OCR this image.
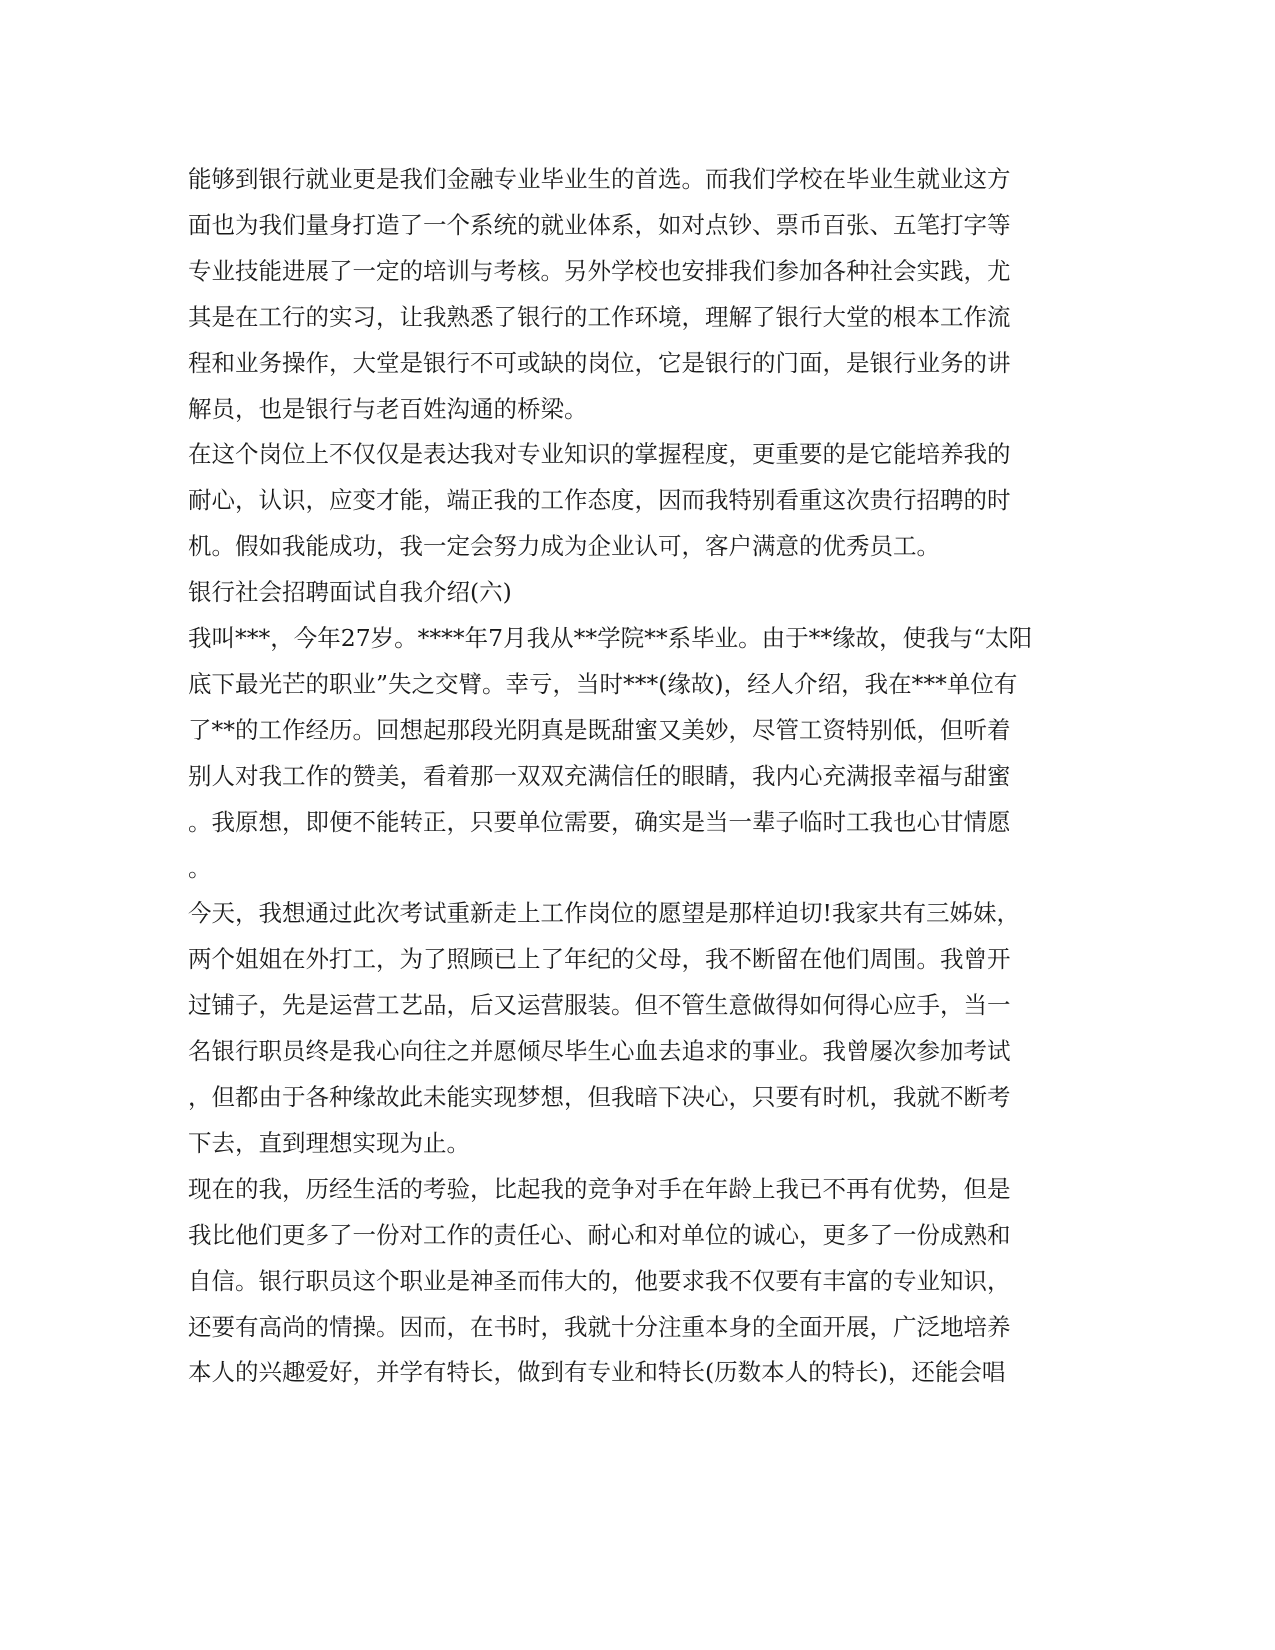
能够到银行就业更是我们金融专业毕业生的首选。而我们学校在毕业生就业这方
面也为我们量身打造了一个系统的就业体系，如对点钞、票币百张、五笔打字等
专业技能进展了一定的培训与考核。另外学校也安排我们参加各种社会实践，尤
其是在工行的实习，让我熟悉了银行的工作环境，理解了银行大堂的根本工作流
程和业务操作，大堂是银行不可或缺的岗位，它是银行的门面，是银行业务的讲
解员，也是银行与老百姓沟通的桥梁。
在这个岗位上不仅仅是表达我对专业知识的掌握程度，更重要的是它能培养我的
耐心，认识，应变才能，端正我的工作态度，因而我特别看重这次贵行招聘的时
机。假如我能成功，我一定会努力成为企业认可，客户满意的优秀员工。
银行社会招聘面试自我介绍(六)
我叫***，今年27岁。****年7月我从**学院**系毕业。由于**缘故，使我与“太阳
底下最光芒的职业”失之交臂。幸亏，当时***(缘故)，经人介绍，我在***单位有
了**的工作经历。回想起那段光阴真是既甜蜜又美妙，尽管工资特别低，但听着
别人对我工作的赞美，看着那一双双充满信任的眼睛，我内心充满报幸福与甜蜜
。我原想，即便不能转正，只要单位需要，确实是当一辈子临时工我也心甘情愿
。
今天，我想通过此次考试重新走上工作岗位的愿望是那样迫切!我家共有三姊妹，
两个姐姐在外打工，为了照顾已上了年纪的父母，我不断留在他们周围。我曾开
过铺子，先是运营工艺品，后又运营服装。但不管生意做得如何得心应手，当一
名银行职员终是我心向往之并愿倾尽毕生心血去追求的事业。我曾屡次参加考试
，但都由于各种缘故此未能实现梦想，但我暗下决心，只要有时机，我就不断考
下去，直到理想实现为止。
现在的我，历经生活的考验，比起我的竞争对手在年龄上我已不再有优势，但是
我比他们更多了一份对工作的责任心、耐心和对单位的诚心，更多了一份成熟和
自信。银行职员这个职业是神圣而伟大的，他要求我不仅要有丰富的专业知识，
还要有高尚的情操。因而，在书时，我就十分注重本身的全面开展，广泛地培养
本人的兴趣爱好，并学有特长，做到有专业和特长(历数本人的特长)，还能会唱
